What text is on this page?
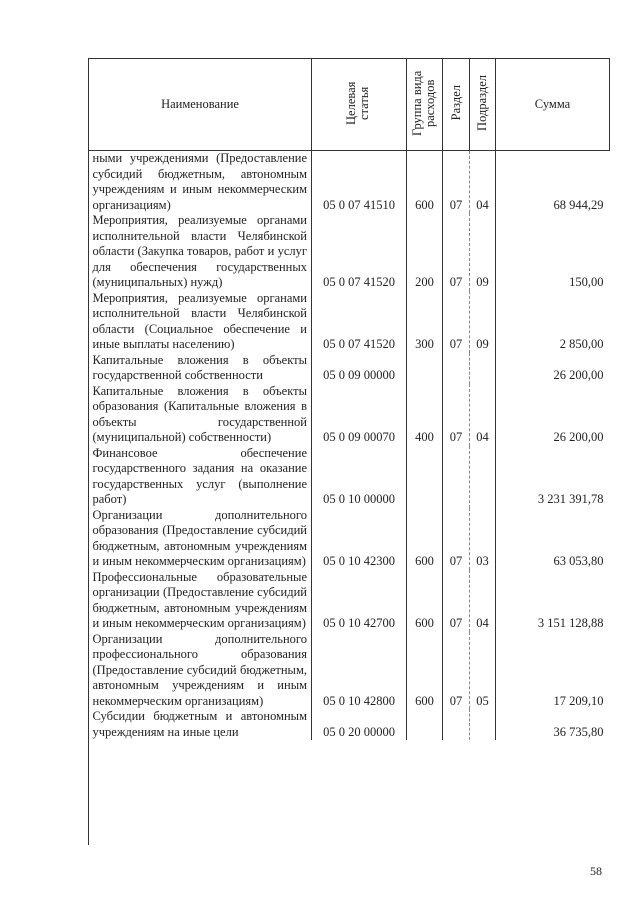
Наименование	Целевая статья	Группа вида расходов	Раздел	Подраздел	Сумма
ными учреждениями (Предоставление субсидий бюджетным, автономным учреждениям и иным некоммерческим организациям)	05 0 07 41510	600	07	04	68 944,29
Мероприятия, реализуемые органами исполнительной власти Челябинской области (Закупка товаров, работ и услуг для обеспечения государственных (муниципальных) нужд)	05 0 07 41520	200	07	09	150,00
Мероприятия, реализуемые органами исполнительной власти Челябинской области (Социальное обеспечение и иные выплаты населению)	05 0 07 41520	300	07	09	2 850,00
Капитальные вложения в объекты государственной собственности	05 0 09 00000				26 200,00
Капитальные вложения в объекты образования (Капитальные вложения в объекты государственной (муниципальной) собственности)	05 0 09 00070	400	07	04	26 200,00
Финансовое обеспечение государственного задания на оказание государственных услуг (выполнение работ)	05 0 10 00000				3 231 391,78
Организации дополнительного образования (Предоставление субсидий бюджетным, автономным учреждениям и иным некоммерческим организациям)	05 0 10 42300	600	07	03	63 053,80
Профессиональные образовательные организации (Предоставление субсидий бюджетным, автономным учреждениям и иным некоммерческим организациям)	05 0 10 42700	600	07	04	3 151 128,88
Организации дополнительного профессионального образования (Предоставление субсидий бюджетным, автономным учреждениям и иным некоммерческим организациям)	05 0 10 42800	600	07	05	17 209,10
Субсидии бюджетным и автономным учреждениям на иные цели	05 0 20 00000				36 735,80
58
